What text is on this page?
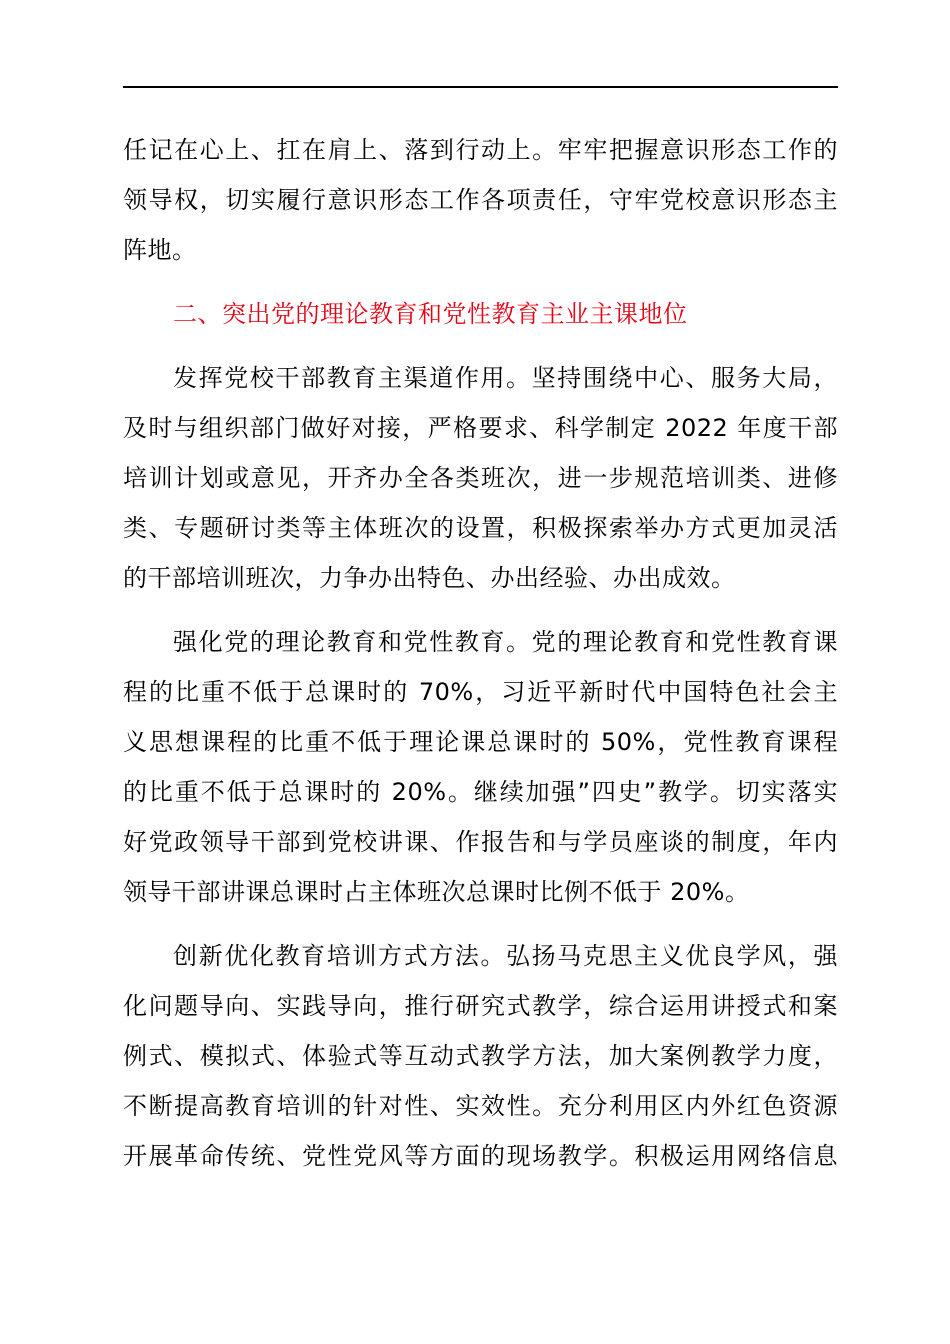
任记在心上、扛在肩上、落到行动上。牢牢把握意识形态工作的
领导权，切实履行意识形态工作各项责任，守牢党校意识形态主
阵地。

二、突出党的理论教育和党性教育主业主课地位

发挥党校干部教育主渠道作用。坚持围绕中心、服务大局，
及时与组织部门做好对接，严格要求、科学制定 2022 年度干部
培训计划或意见，开齐办全各类班次，进一步规范培训类、进修
类、专题研讨类等主体班次的设置，积极探索举办方式更加灵活
的干部培训班次，力争办出特色、办出经验、办出成效。

强化党的理论教育和党性教育。党的理论教育和党性教育课
程的比重不低于总课时的 70%，习近平新时代中国特色社会主
义思想课程的比重不低于理论课总课时的 50%，党性教育课程
的比重不低于总课时的 20%。继续加强”四史”教学。切实落实
好党政领导干部到党校讲课、作报告和与学员座谈的制度，年内
领导干部讲课总课时占主体班次总课时比例不低于 20%。

创新优化教育培训方式方法。弘扬马克思主义优良学风，强
化问题导向、实践导向，推行研究式教学，综合运用讲授式和案
例式、模拟式、体验式等互动式教学方法，加大案例教学力度，
不断提高教育培训的针对性、实效性。充分利用区内外红色资源
开展革命传统、党性党风等方面的现场教学。积极运用网络信息
